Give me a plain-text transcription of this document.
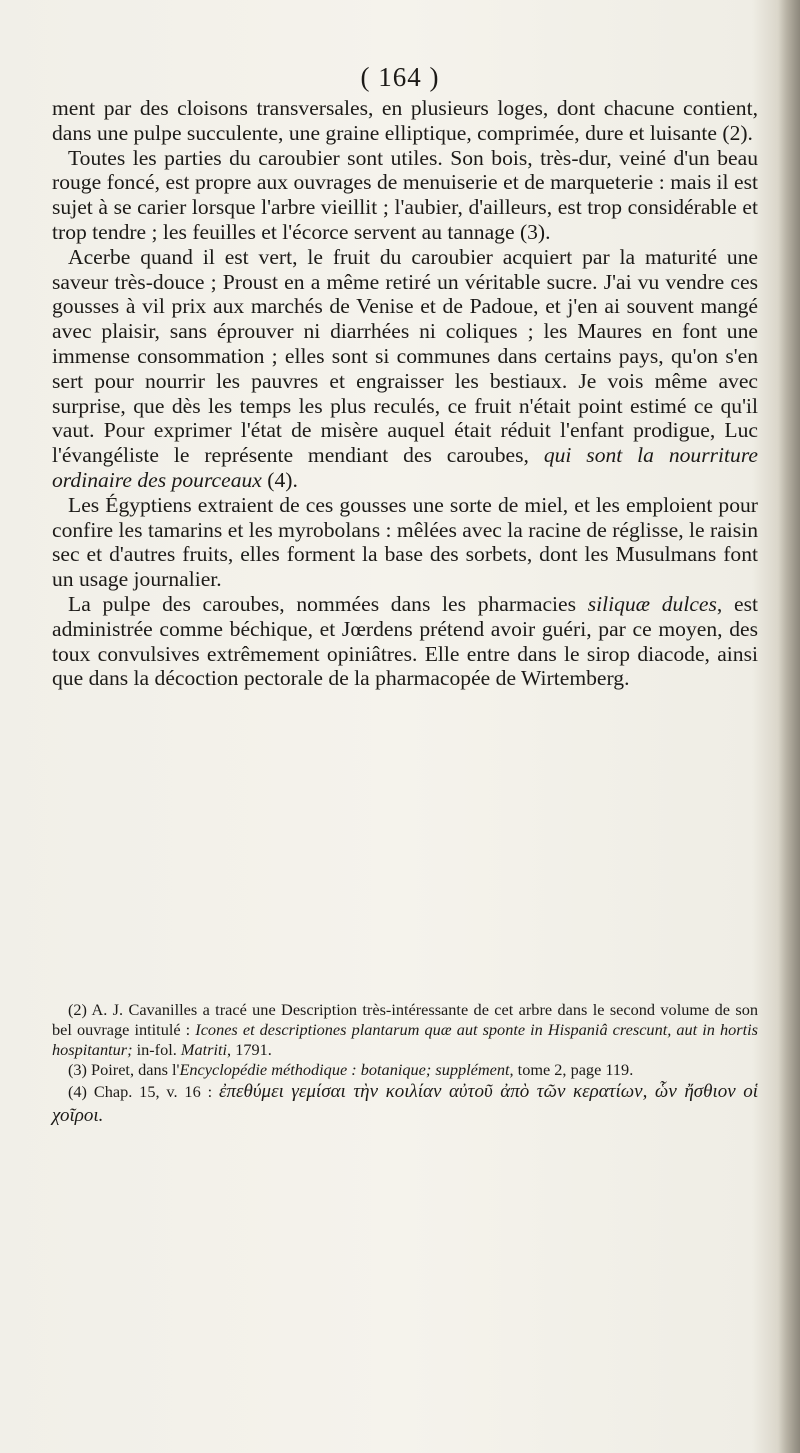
( 164 )

ment par des cloisons transversales, en plusieurs loges, dont chacune contient, dans une pulpe succulente, une graine elliptique, comprimée, dure et luisante (2).

Toutes les parties du caroubier sont utiles. Son bois, très-dur, veiné d'un beau rouge foncé, est propre aux ouvrages de menuiserie et de marqueterie : mais il est sujet à se carier lorsque l'arbre vieillit ; l'aubier, d'ailleurs, est trop considérable et trop tendre ; les feuilles et l'écorce servent au tannage (3).

Acerbe quand il est vert, le fruit du caroubier acquiert par la maturité une saveur très-douce ; Proust en a même retiré un véritable sucre. J'ai vu vendre ces gousses à vil prix aux marchés de Venise et de Padoue, et j'en ai souvent mangé avec plaisir, sans éprouver ni diarrhées ni coliques ; les Maures en font une immense consommation ; elles sont si communes dans certains pays, qu'on s'en sert pour nourrir les pauvres et engraisser les bestiaux. Je vois même avec surprise, que dès les temps les plus reculés, ce fruit n'était point estimé ce qu'il vaut. Pour exprimer l'état de misère auquel était réduit l'enfant prodigue, Luc l'évangéliste le représente mendiant des caroubes, qui sont la nourriture ordinaire des pourceaux (4).

Les Égyptiens extraient de ces gousses une sorte de miel, et les emploient pour confire les tamarins et les myrobolans : mêlées avec la racine de réglisse, le raisin sec et d'autres fruits, elles forment la base des sorbets, dont les Musulmans font un usage journalier.

La pulpe des caroubes, nommées dans les pharmacies siliquæ dulces, est administrée comme béchique, et Jœrdens prétend avoir guéri, par ce moyen, des toux convulsives extrêmement opiniâtres. Elle entre dans le sirop diacode, ainsi que dans la décoction pectorale de la pharmacopée de Wirtemberg.

(2) A. J. Cavanilles a tracé une Description très-intéressante de cet arbre dans le second volume de son bel ouvrage intitulé : Icones et descriptiones plantarum quæ aut sponte in Hispaniâ crescunt, aut in hortis hospitantur; in-fol. Matriti, 1791.

(3) Poiret, dans l'Encyclopédie méthodique : botanique; supplément, tome 2, page 119.

(4) Chap. 15, v. 16 : ἐπεθύμει γεμίσαι τὴν κοιλίαν αὐτοῦ ἀπὸ τῶν κερατίων, ὧν ἤσθιον οἱ χοῖροι.
